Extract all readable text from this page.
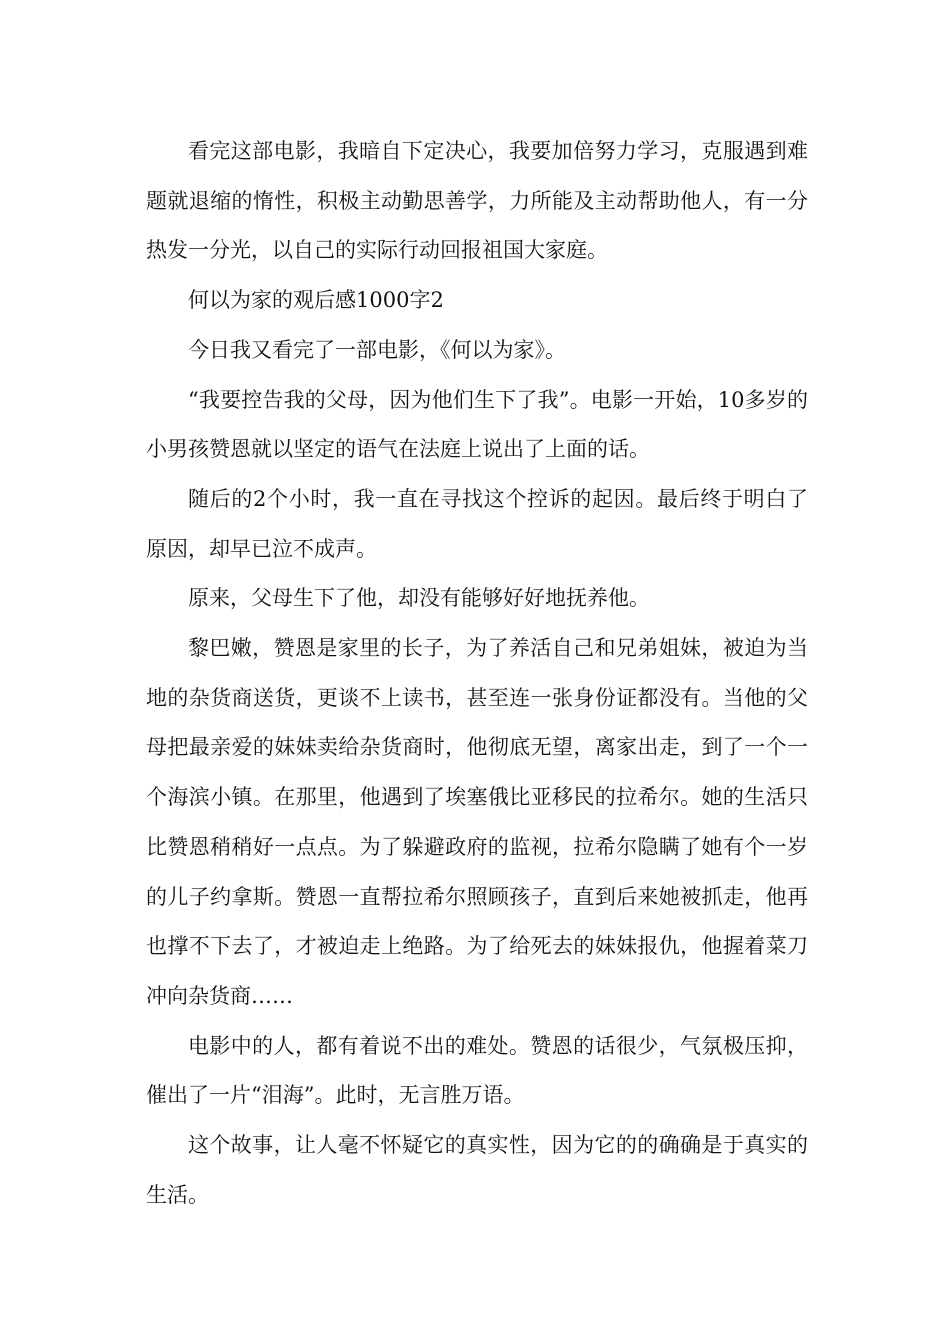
看完这部电影，我暗自下定决心，我要加倍努力学习，克服遇到难题就退缩的惰性，积极主动勤思善学，力所能及主动帮助他人，有一分热发一分光，以自己的实际行动回报祖国大家庭。

何以为家的观后感1000字2

今日我又看完了一部电影，《何以为家》。

“我要控告我的父母，因为他们生下了我”。电影一开始，10多岁的小男孩赞恩就以坚定的语气在法庭上说出了上面的话。

随后的2个小时，我一直在寻找这个控诉的起因。最后终于明白了原因，却早已泣不成声。

原来，父母生下了他，却没有能够好好地抚养他。

黎巴嫩，赞恩是家里的长子，为了养活自己和兄弟姐妹，被迫为当地的杂货商送货，更谈不上读书，甚至连一张身份证都没有。当他的父母把最亲爱的妹妹卖给杂货商时，他彻底无望，离家出走，到了一个一个海滨小镇。在那里，他遇到了埃塞俄比亚移民的拉希尔。她的生活只比赞恩稍稍好一点点。为了躲避政府的监视，拉希尔隐瞒了她有个一岁的儿子约拿斯。赞恩一直帮拉希尔照顾孩子，直到后来她被抓走，他再也撑不下去了，才被迫走上绝路。为了给死去的妹妹报仇，他握着菜刀冲向杂货商……

电影中的人，都有着说不出的难处。赞恩的话很少，气氛极压抑，催出了一片“泪海”。此时，无言胜万语。

这个故事，让人毫不怀疑它的真实性，因为它的的确确是于真实的生活。
